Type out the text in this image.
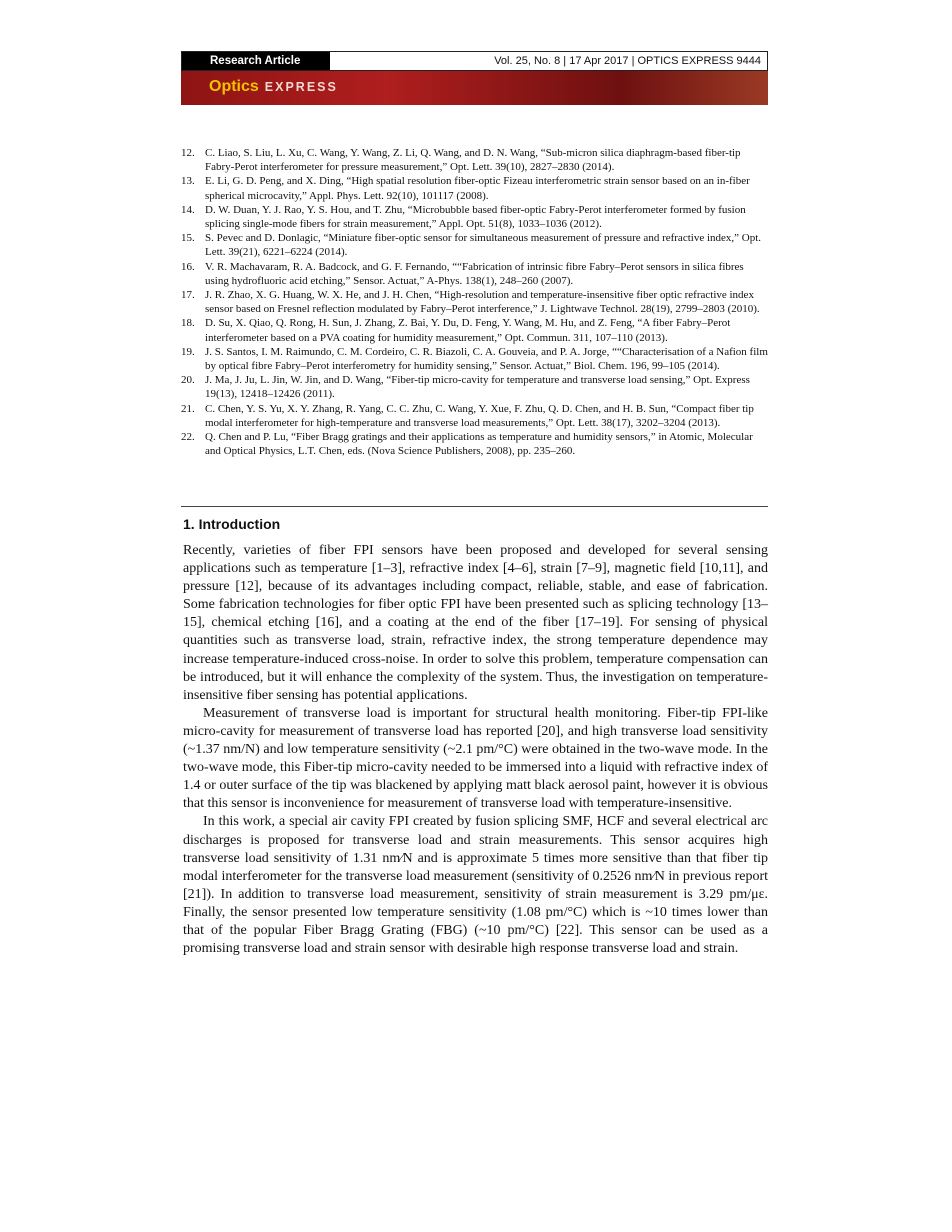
Research Article	Vol. 25, No. 8 | 17 Apr 2017 | OPTICS EXPRESS 9444
Optics EXPRESS
12. C. Liao, S. Liu, L. Xu, C. Wang, Y. Wang, Z. Li, Q. Wang, and D. N. Wang, “Sub-micron silica diaphragm-based fiber-tip Fabry-Perot interferometer for pressure measurement,” Opt. Lett. 39(10), 2827–2830 (2014).
13. E. Li, G. D. Peng, and X. Ding, “High spatial resolution fiber-optic Fizeau interferometric strain sensor based on an in-fiber spherical microcavity,” Appl. Phys. Lett. 92(10), 101117 (2008).
14. D. W. Duan, Y. J. Rao, Y. S. Hou, and T. Zhu, “Microbubble based fiber-optic Fabry-Perot interferometer formed by fusion splicing single-mode fibers for strain measurement,” Appl. Opt. 51(8), 1033–1036 (2012).
15. S. Pevec and D. Donlagic, “Miniature fiber-optic sensor for simultaneous measurement of pressure and refractive index,” Opt. Lett. 39(21), 6221–6224 (2014).
16. V. R. Machavaram, R. A. Badcock, and G. F. Fernando, ““Fabrication of intrinsic fibre Fabry–Perot sensors in silica fibres using hydrofluoric acid etching,” Sensor. Actuat,” A-Phys. 138(1), 248–260 (2007).
17. J. R. Zhao, X. G. Huang, W. X. He, and J. H. Chen, “High-resolution and temperature-insensitive fiber optic refractive index sensor based on Fresnel reflection modulated by Fabry–Perot interference,” J. Lightwave Technol. 28(19), 2799–2803 (2010).
18. D. Su, X. Qiao, Q. Rong, H. Sun, J. Zhang, Z. Bai, Y. Du, D. Feng, Y. Wang, M. Hu, and Z. Feng, “A fiber Fabry–Perot interferometer based on a PVA coating for humidity measurement,” Opt. Commun. 311, 107–110 (2013).
19. J. S. Santos, I. M. Raimundo, C. M. Cordeiro, C. R. Biazoli, C. A. Gouveia, and P. A. Jorge, ““Characterisation of a Nafion film by optical fibre Fabry–Perot interferometry for humidity sensing,” Sensor. Actuat,” Biol. Chem. 196, 99–105 (2014).
20. J. Ma, J. Ju, L. Jin, W. Jin, and D. Wang, “Fiber-tip micro-cavity for temperature and transverse load sensing,” Opt. Express 19(13), 12418–12426 (2011).
21. C. Chen, Y. S. Yu, X. Y. Zhang, R. Yang, C. C. Zhu, C. Wang, Y. Xue, F. Zhu, Q. D. Chen, and H. B. Sun, “Compact fiber tip modal interferometer for high-temperature and transverse load measurements,” Opt. Lett. 38(17), 3202–3204 (2013).
22. Q. Chen and P. Lu, “Fiber Bragg gratings and their applications as temperature and humidity sensors,” in Atomic, Molecular and Optical Physics, L.T. Chen, eds. (Nova Science Publishers, 2008), pp. 235–260.
1. Introduction

Recently, varieties of fiber FPI sensors have been proposed and developed for several sensing applications such as temperature [1–3], refractive index [4–6], strain [7–9], magnetic field [10,11], and pressure [12], because of its advantages including compact, reliable, stable, and ease of fabrication. Some fabrication technologies for fiber optic FPI have been presented such as splicing technology [13–15], chemical etching [16], and a coating at the end of the fiber [17–19]. For sensing of physical quantities such as transverse load, strain, refractive index, the strong temperature dependence may increase temperature-induced cross-noise. In order to solve this problem, temperature compensation can be introduced, but it will enhance the complexity of the system. Thus, the investigation on temperature-insensitive fiber sensing has potential applications.

Measurement of transverse load is important for structural health monitoring. Fiber-tip FPI-like micro-cavity for measurement of transverse load has reported [20], and high transverse load sensitivity (~1.37 nm/N) and low temperature sensitivity (~2.1 pm/°C) were obtained in the two-wave mode. In the two-wave mode, this Fiber-tip micro-cavity needed to be immersed into a liquid with refractive index of 1.4 or outer surface of the tip was blackened by applying matt black aerosol paint, however it is obvious that this sensor is inconvenience for measurement of transverse load with temperature-insensitive.

In this work, a special air cavity FPI created by fusion splicing SMF, HCF and several electrical arc discharges is proposed for transverse load and strain measurements. This sensor acquires high transverse load sensitivity of 1.31 nm⁄N and is approximate 5 times more sensitive than that fiber tip modal interferometer for the transverse load measurement (sensitivity of 0.2526 nm⁄N in previous report [21]). In addition to transverse load measurement, sensitivity of strain measurement is 3.29 pm/με. Finally, the sensor presented low temperature sensitivity (1.08 pm/°C) which is ~10 times lower than that of the popular Fiber Bragg Grating (FBG) (~10 pm/°C) [22]. This sensor can be used as a promising transverse load and strain sensor with desirable high response transverse load and strain.
